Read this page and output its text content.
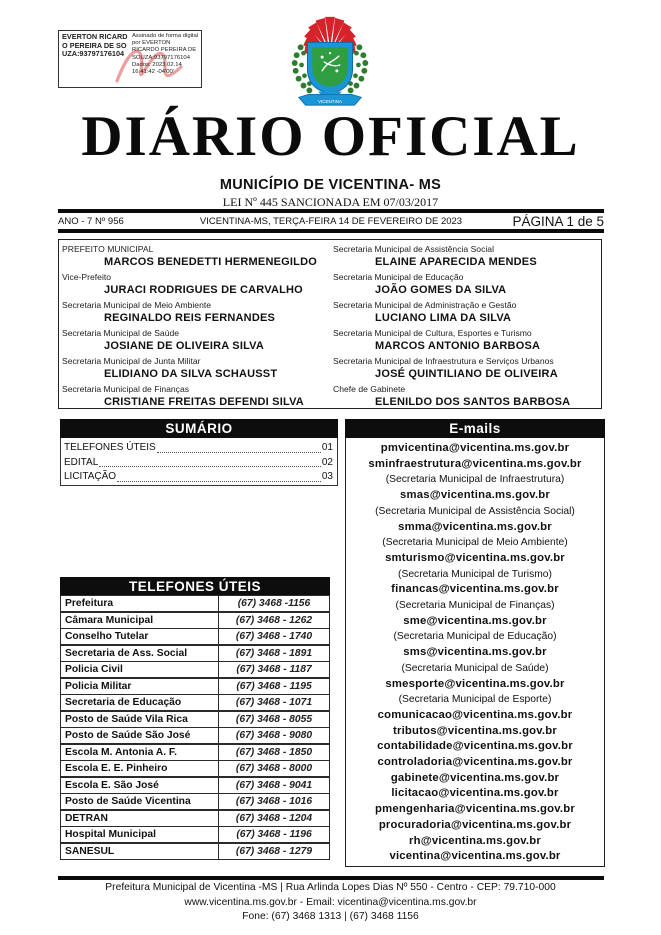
EVERTON RICARDO PEREIRA DE SOUZA:93797176104
Assinado de forma digital por EVERTON RICARDO PEREIRA DE SOUZA:93797176104 Dados: 2023.02.14 16:41:42 -04'00'
VICENTINA
DIÁRIO OFICIAL
MUNICÍPIO DE VICENTINA- MS
LEI Nº 445 SANCIONADA EM 07/03/2017
ANO - 7 Nº 956	VICENTINA-MS, TERÇA-FEIRA 14 DE FEVEREIRO DE 2023	PÁGINA 1 de 5
PREFEITO MUNICIPAL
MARCOS BENEDETTI HERMENEGILDO
Vice-Prefeito
JURACI RODRIGUES DE CARVALHO
Secretaria Municipal de Meio Ambiente
REGINALDO REIS FERNANDES
Secretaria Municipal de Saúde
JOSIANE DE OLIVEIRA SILVA
Secretaria Municipal de Junta Militar
ELIDIANO DA SILVA SCHAUSST
Secretaria Municipal de Finanças
CRISTIANE FREITAS DEFENDI SILVA
Secretaria Municipal de Assistência Social
ELAINE APARECIDA MENDES
Secretaria Municipal de Educação
JOÃO GOMES DA SILVA
Secretaria Municipal de Administração e Gestão
LUCIANO LIMA DA SILVA
Secretaria Municipal de Cultura, Esportes e Turismo
MARCOS ANTONIO BARBOSA
Secretaria Municipal de Infraestrutura e Serviços Urbanos
JOSÉ QUINTILIANO DE OLIVEIRA
Chefe de Gabinete
ELENILDO DOS SANTOS BARBOSA
SUMÁRIO
TELEFONES ÚTEIS	01
EDITAL	02
LICITAÇÃO	03
TELEFONES ÚTEIS
Prefeitura	(67) 3468 -1156
Câmara Municipal	(67) 3468 - 1262
Conselho Tutelar	(67) 3468 - 1740
Secretaria de Ass. Social	(67) 3468 - 1891
Policia Civil	(67) 3468 - 1187
Policia Militar	(67) 3468 - 1195
Secretaria de Educação	(67) 3468 - 1071
Posto de Saúde Vila Rica	(67) 3468 - 8055
Posto de Saúde São José	(67) 3468 - 9080
Escola M. Antonia A. F.	(67) 3468 - 1850
Escola E. E. Pinheiro	(67) 3468 - 8000
Escola E. São José	(67) 3468 - 9041
Posto de Saúde Vicentina	(67) 3468 - 1016
DETRAN	(67) 3468 - 1204
Hospital Municipal	(67) 3468 - 1196
SANESUL	(67) 3468 - 1279
E-mails
pmvicentina@vicentina.ms.gov.br
sminfraestrutura@vicentina.ms.gov.br
(Secretaria Municipal de Infraestrutura)
smas@vicentina.ms.gov.br
(Secretaria Municipal de Assistência Social)
smma@vicentina.ms.gov.br
(Secretaria Municipal de Meio Ambiente)
smturismo@vicentina.ms.gov.br
(Secretaria Municipal de Turismo)
financas@vicentina.ms.gov.br
(Secretaria Municipal de Finanças)
sme@vicentina.ms.gov.br
(Secretaria Municipal de Educação)
sms@vicentina.ms.gov.br
(Secretaria Municipal de Saúde)
smesporte@vicentina.ms.gov.br
(Secretaria Municipal de Esporte)
comunicacao@vicentina.ms.gov.br
tributos@vicentina.ms.gov.br
contabilidade@vicentina.ms.gov.br
controladoria@vicentina.ms.gov.br
gabinete@vicentina.ms.gov.br
licitacao@vicentina.ms.gov.br
pmengenharia@vicentina.ms.gov.br
procuradoria@vicentina.ms.gov.br
rh@vicentina.ms.gov.br
vicentina@vicentina.ms.gov.br
Prefeitura Municipal de Vicentina -MS | Rua Arlinda Lopes Dias Nº 550 - Centro - CEP: 79.710-000
www.vicentina.ms.gov.br - Email: vicentina@vicentina.ms.gov.br
Fone: (67) 3468 1313 | (67) 3468 1156
